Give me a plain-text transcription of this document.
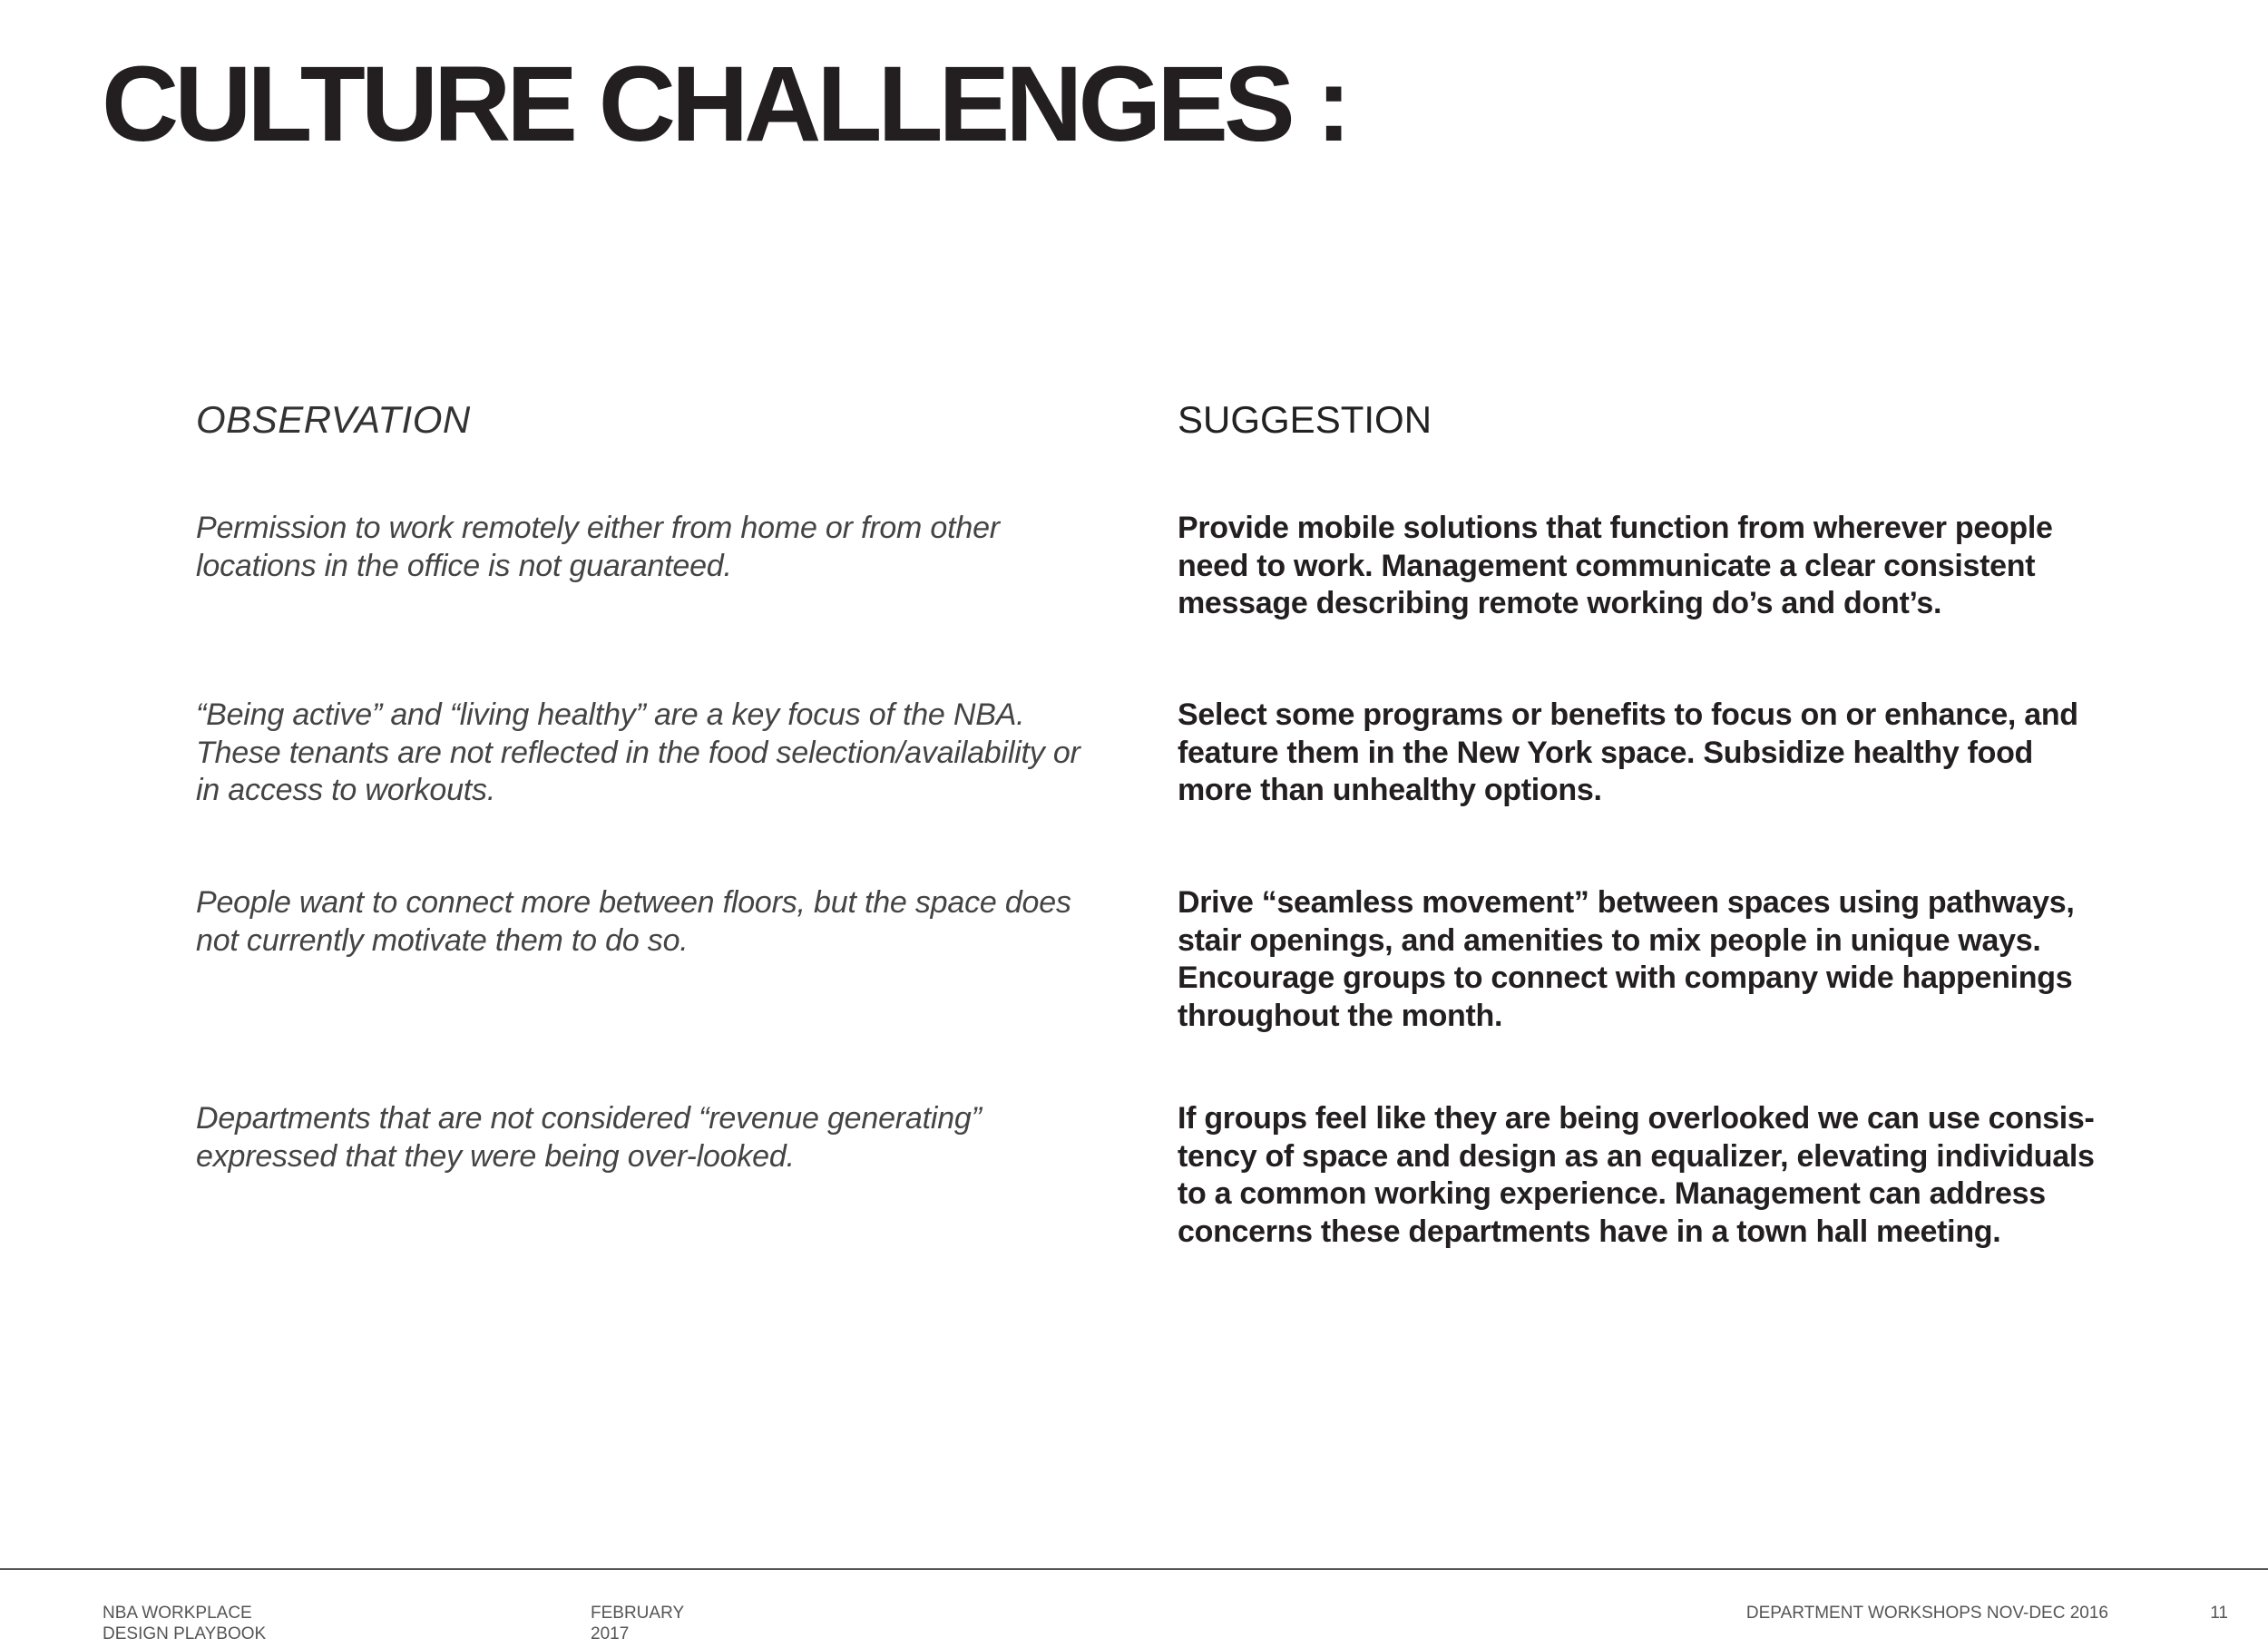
CULTURE CHALLENGES :
OBSERVATION

Permission to work remotely either from home or from other locations in the office is not guaranteed.

“Being active” and “living healthy” are a key focus of the NBA. These tenants are not reflected in the food selection/availability or in access to workouts.

People want to connect more between floors, but the space does not currently motivate them to do so.

Departments that are not considered “revenue generating” expressed that they were being over-looked.

SUGGESTION

Provide mobile solutions that function from wherever people need to work. Management communicate a clear consistent message describing remote working do’s and dont’s.

Select some programs or benefits to focus on or enhance, and feature them in the New York space. Subsidize healthy food more than unhealthy options.

Drive “seamless movement” between spaces using pathways, stair openings, and amenities to mix people in unique ways. Encourage groups to connect with company wide happenings throughout the month.

If groups feel like they are being overlooked we can use consis-tency of space and design as an equalizer, elevating individuals to a common working experience. Management can address concerns these departments have in a town hall meeting.

NBA WORKPLACE
DESIGN PLAYBOOK
FEBRUARY
2017
DEPARTMENT WORKSHOPS NOV-DEC 2016	11
